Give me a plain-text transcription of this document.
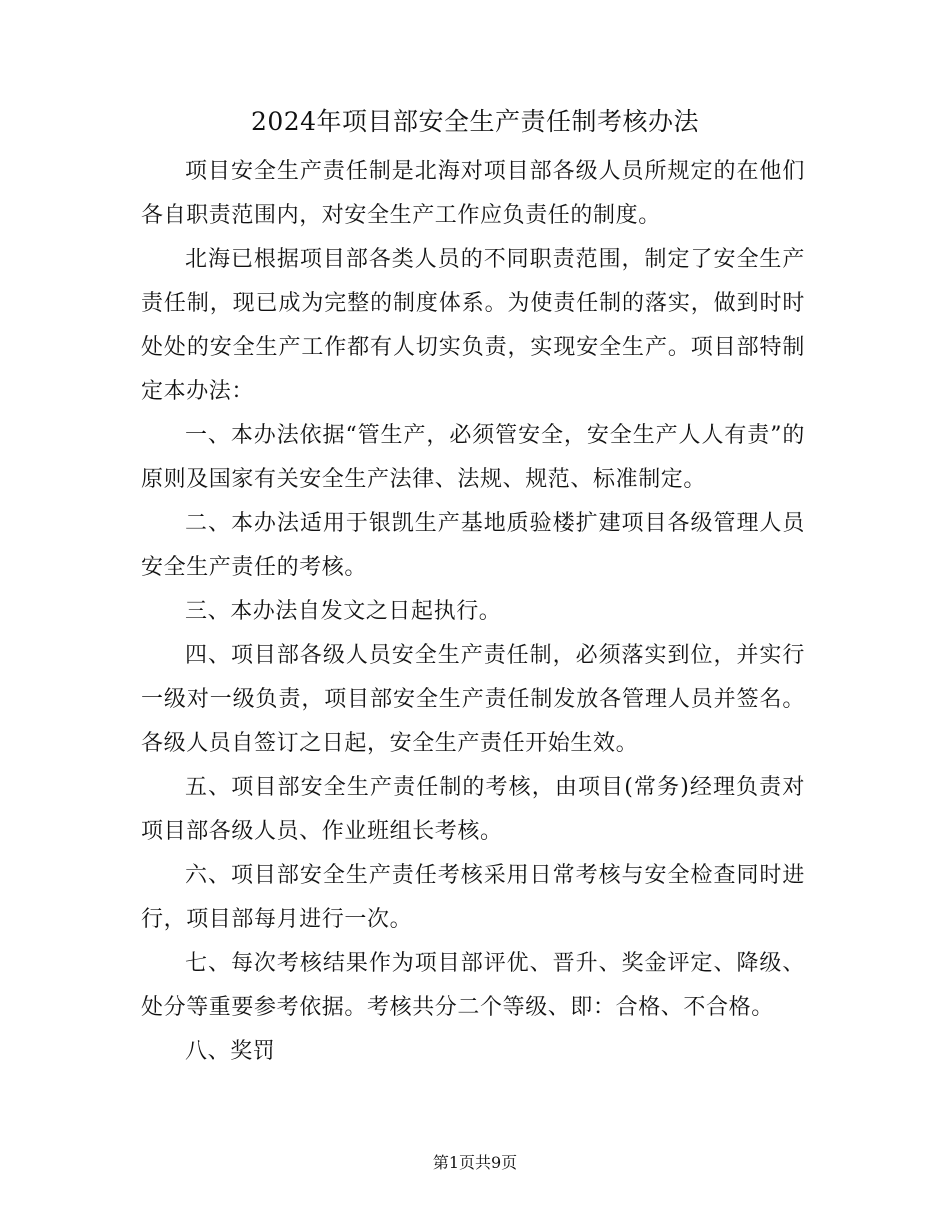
2024年项目部安全生产责任制考核办法

项目安全生产责任制是北海对项目部各级人员所规定的在他们各自职责范围内，对安全生产工作应负责任的制度。

北海已根据项目部各类人员的不同职责范围，制定了安全生产责任制，现已成为完整的制度体系。为使责任制的落实，做到时时处处的安全生产工作都有人切实负责，实现安全生产。项目部特制定本办法：

一、本办法依据“管生产，必须管安全，安全生产人人有责”的原则及国家有关安全生产法律、法规、规范、标准制定。

二、本办法适用于银凯生产基地质验楼扩建项目各级管理人员安全生产责任的考核。

三、本办法自发文之日起执行。

四、项目部各级人员安全生产责任制，必须落实到位，并实行一级对一级负责，项目部安全生产责任制发放各管理人员并签名。各级人员自签订之日起，安全生产责任开始生效。

五、项目部安全生产责任制的考核，由项目(常务)经理负责对项目部各级人员、作业班组长考核。

六、项目部安全生产责任考核采用日常考核与安全检查同时进行，项目部每月进行一次。

七、每次考核结果作为项目部评优、晋升、奖金评定、降级、处分等重要参考依据。考核共分二个等级、即：合格、不合格。

八、奖罚

第1页共9页
